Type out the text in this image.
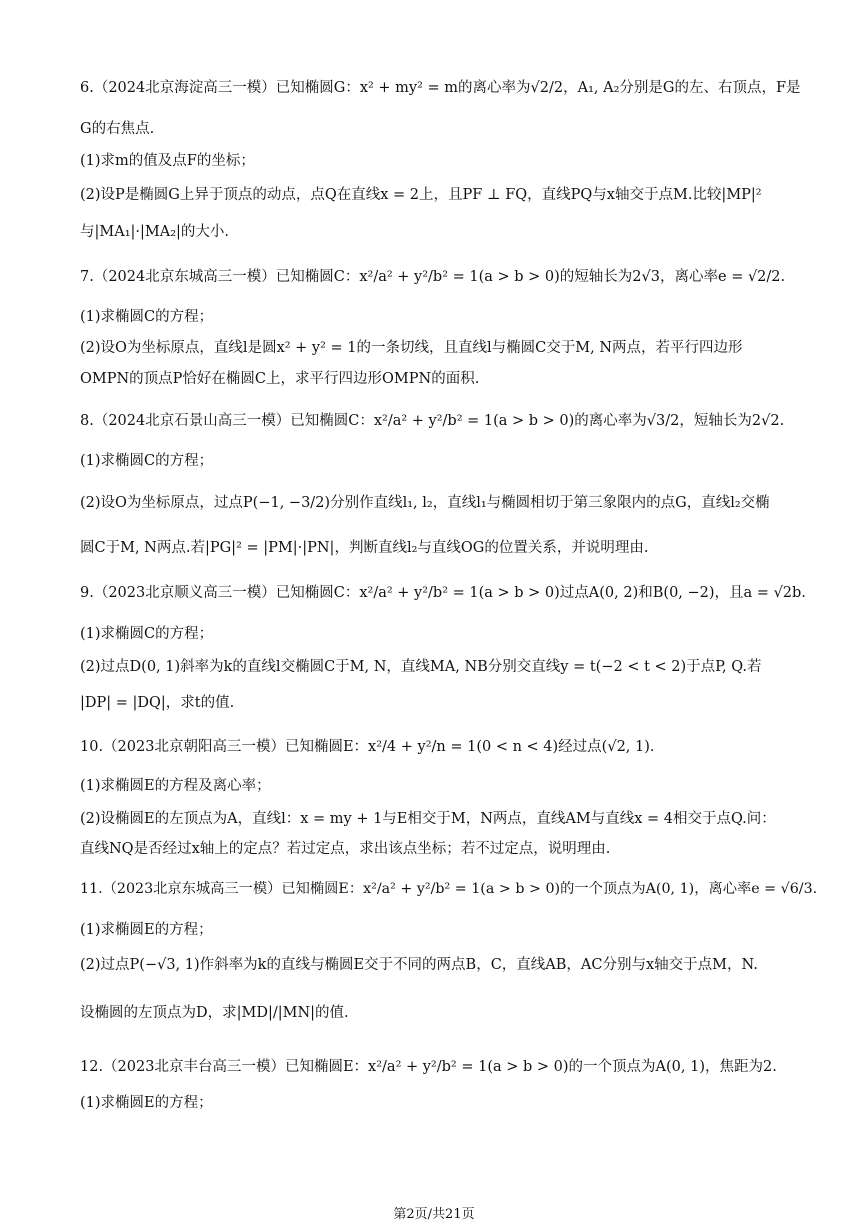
6.（2024北京海淀高三一模）已知椭圆G：x² + my² = m的离心率为√2/2，A₁, A₂分别是G的左、右顶点，F是
G的右焦点.
(1)求m的值及点F的坐标；
(2)设P是椭圆G上异于顶点的动点，点Q在直线x = 2上，且PF ⊥ FQ，直线PQ与x轴交于点M.比较|MP|²
与|MA₁|·|MA₂|的大小.
7.（2024北京东城高三一模）已知椭圆C：x²/a² + y²/b² = 1(a > b > 0)的短轴长为2√3，离心率e = √2/2.
(1)求椭圆C的方程；
(2)设O为坐标原点，直线l是圆x² + y² = 1的一条切线，且直线l与椭圆C交于M, N两点，若平行四边形
OMPN的顶点P恰好在椭圆C上，求平行四边形OMPN的面积.
8.（2024北京石景山高三一模）已知椭圆C：x²/a² + y²/b² = 1(a > b > 0)的离心率为√3/2，短轴长为2√2.
(1)求椭圆C的方程；
(2)设O为坐标原点，过点P(−1, −3/2)分别作直线l₁, l₂，直线l₁与椭圆相切于第三象限内的点G，直线l₂交椭
圆C于M, N两点.若|PG|² = |PM|·|PN|，判断直线l₂与直线OG的位置关系，并说明理由.
9.（2023北京顺义高三一模）已知椭圆C：x²/a² + y²/b² = 1(a > b > 0)过点A(0, 2)和B(0, −2)，且a = √2b.
(1)求椭圆C的方程；
(2)过点D(0, 1)斜率为k的直线l交椭圆C于M, N，直线MA, NB分别交直线y = t(−2 < t < 2)于点P, Q.若
|DP| = |DQ|，求t的值.
10.（2023北京朝阳高三一模）已知椭圆E：x²/4 + y²/n = 1(0 < n < 4)经过点(√2, 1).
(1)求椭圆E的方程及离心率；
(2)设椭圆E的左顶点为A，直线l：x = my + 1与E相交于M，N两点，直线AM与直线x = 4相交于点Q.问：
直线NQ是否经过x轴上的定点？若过定点，求出该点坐标；若不过定点，说明理由.
11.（2023北京东城高三一模）已知椭圆E：x²/a² + y²/b² = 1(a > b > 0)的一个顶点为A(0, 1)，离心率e = √6/3.
(1)求椭圆E的方程；
(2)过点P(−√3, 1)作斜率为k的直线与椭圆E交于不同的两点B，C，直线AB，AC分别与x轴交于点M，N.
设椭圆的左顶点为D，求|MD|/|MN|的值.
12.（2023北京丰台高三一模）已知椭圆E：x²/a² + y²/b² = 1(a > b > 0)的一个顶点为A(0, 1)，焦距为2.
(1)求椭圆E的方程；
第2页/共21页
